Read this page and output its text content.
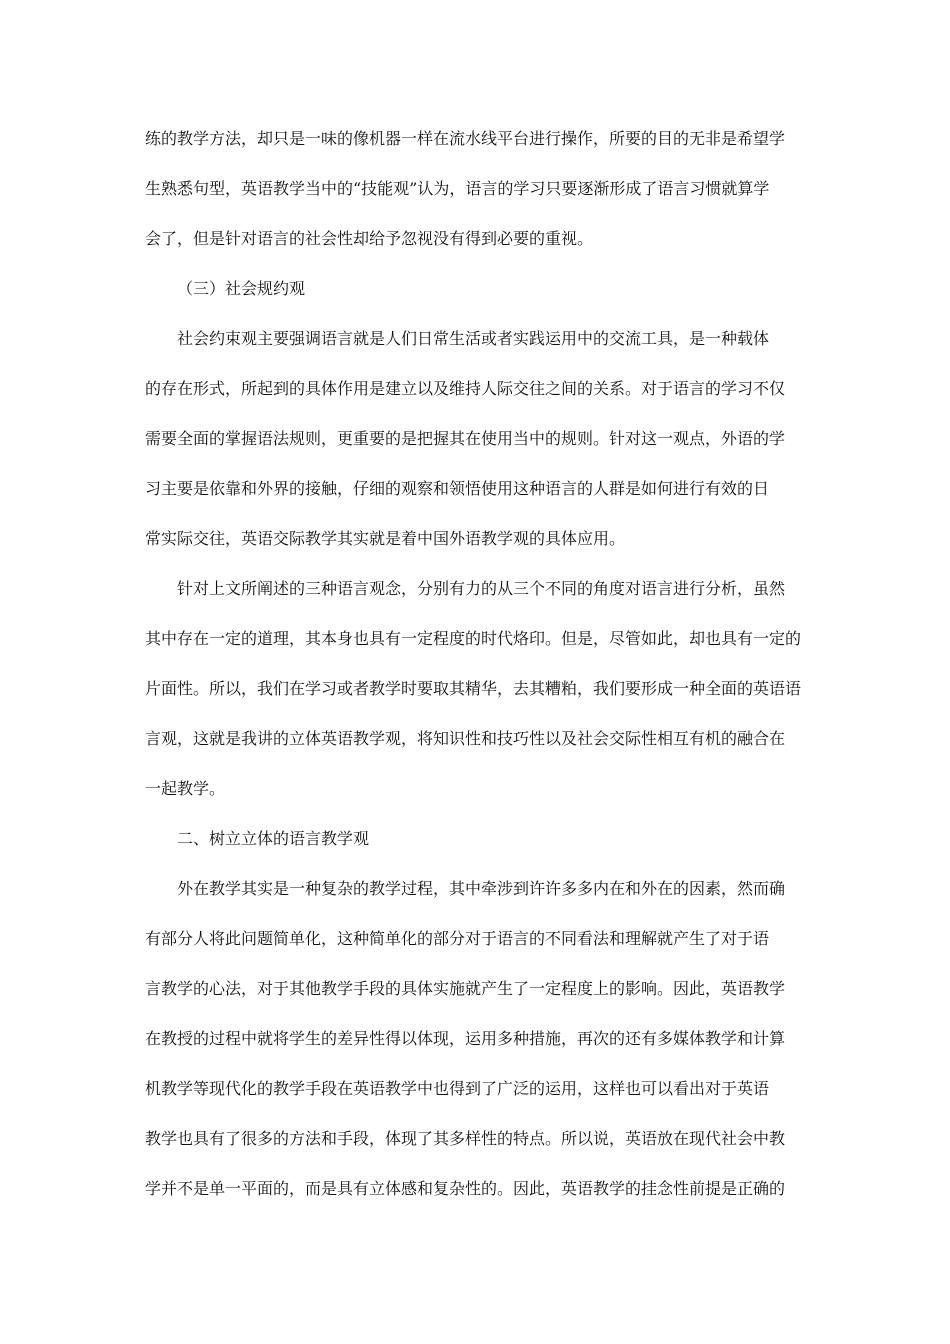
练的教学方法，却只是一味的像机器一样在流水线平台进行操作，所要的目的无非是希望学
生熟悉句型，英语教学当中的“技能观”认为，语言的学习只要逐渐形成了语言习惯就算学
会了，但是针对语言的社会性却给予忽视没有得到必要的重视。
（三）社会规约观
社会约束观主要强调语言就是人们日常生活或者实践运用中的交流工具，是一种载体
的存在形式，所起到的具体作用是建立以及维持人际交往之间的关系。对于语言的学习不仅
需要全面的掌握语法规则，更重要的是把握其在使用当中的规则。针对这一观点，外语的学
习主要是依靠和外界的接触，仔细的观察和领悟使用这种语言的人群是如何进行有效的日
常实际交往，英语交际教学其实就是着中国外语教学观的具体应用。
针对上文所阐述的三种语言观念，分别有力的从三个不同的角度对语言进行分析，虽然
其中存在一定的道理，其本身也具有一定程度的时代烙印。但是，尽管如此，却也具有一定的
片面性。所以，我们在学习或者教学时要取其精华，去其糟粕，我们要形成一种全面的英语语
言观，这就是我讲的立体英语教学观，将知识性和技巧性以及社会交际性相互有机的融合在
一起教学。
二、树立立体的语言教学观
外在教学其实是一种复杂的教学过程，其中牵涉到许许多多内在和外在的因素，然而确
有部分人将此问题简单化，这种简单化的部分对于语言的不同看法和理解就产生了对于语
言教学的心法，对于其他教学手段的具体实施就产生了一定程度上的影响。因此，英语教学
在教授的过程中就将学生的差异性得以体现，运用多种措施，再次的还有多媒体教学和计算
机教学等现代化的教学手段在英语教学中也得到了广泛的运用，这样也可以看出对于英语
教学也具有了很多的方法和手段，体现了其多样性的特点。所以说，英语放在现代社会中教
学并不是单一平面的，而是具有立体感和复杂性的。因此，英语教学的挂念性前提是正确的
